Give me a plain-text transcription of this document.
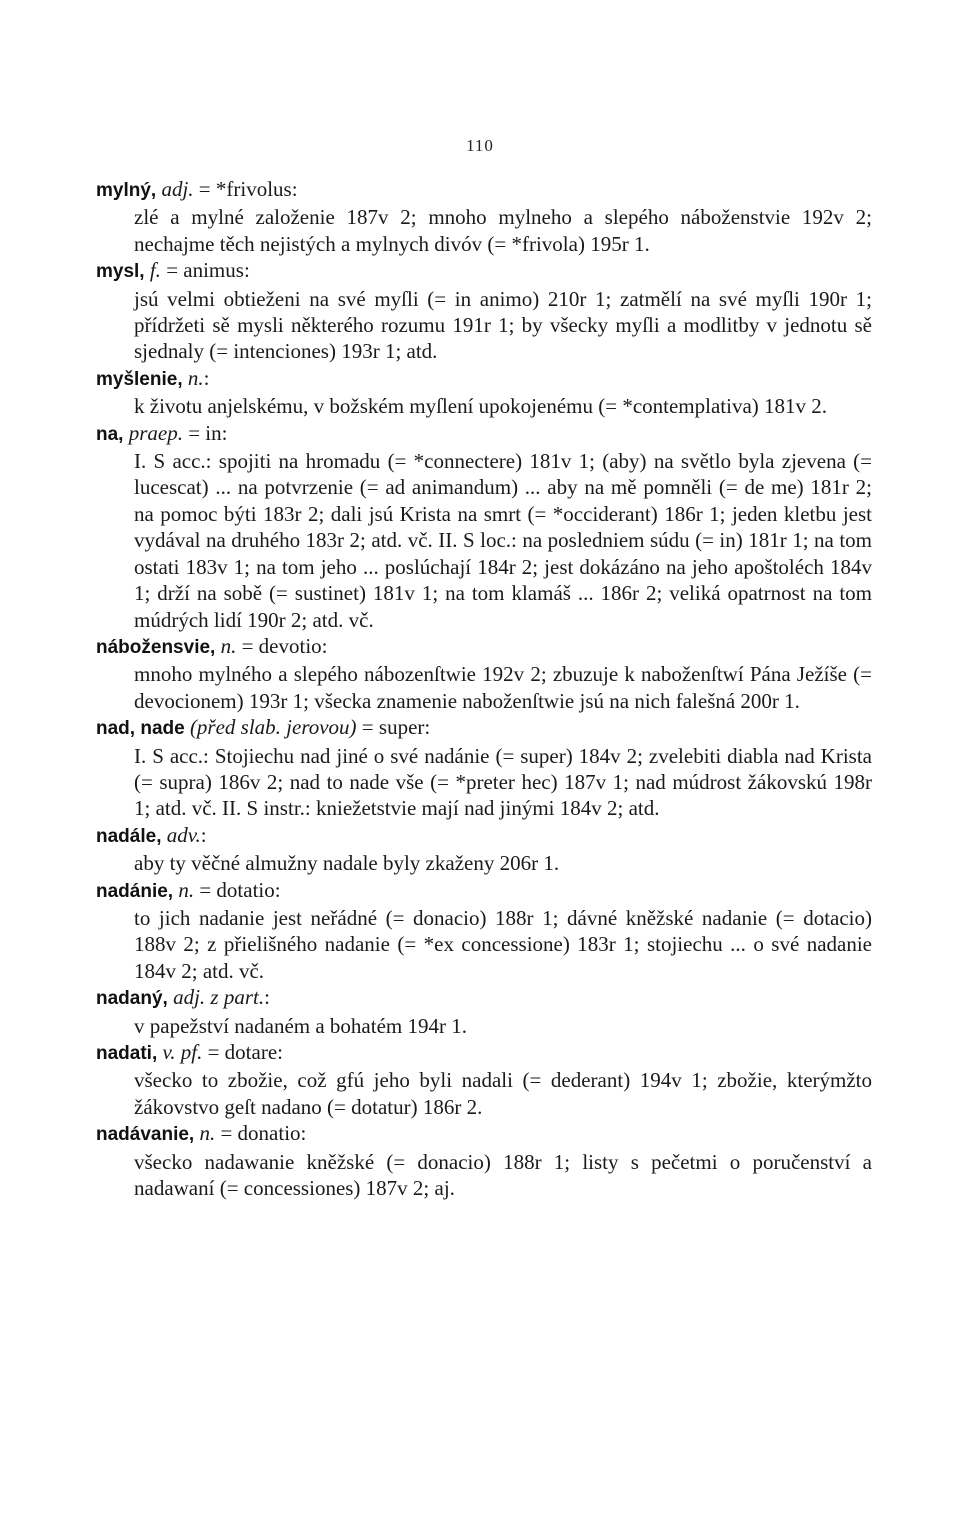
110

mylný, adj. = *frivolus:

zlé a mylné založenie 187v 2; mnoho mylneho a slepého náboženstvie 192v 2; nechajme těch nejistých a mylnych divóv (= *frivola) 195r 1.

mysl, f. = animus:

jsú velmi obtieženi na své myſli (= in animo) 210r 1; zatmělí na své myſli 190r 1; přídržeti sě mysli některého rozumu 191r 1; by všecky myſli a modlitby v jednotu sě sjednaly (= intenciones) 193r 1; atd.

myšlenie, n.:

k životu anjelskému, v božském myſlení upokojenému (= *contemplativa) 181v 2.

na, praep. = in:

I. S acc.: spojiti na hromadu (= *connectere) 181v 1; (aby) na světlo byla zjevena (= lucescat) ... na potvrzenie (= ad animandum) ... aby na mě pomněli (= de me) 181r 2; na pomoc býti 183r 2; dali jsú Krista na smrt (= *occiderant) 186r 1; jeden kletbu jest vydával na druhého 183r 2; atd. vč. II. S loc.: na posledniem súdu (= in) 181r 1; na tom ostati 183v 1; na tom jeho ... poslúchají 184r 2; jest dokázáno na jeho apoštoléch 184v 1; drží na sobě (= sustinet) 181v 1; na tom klamáš ... 186r 2; veliká opatrnost na tom múdrých lidí 190r 2; atd. vč.

nábožensvie, n. = devotio:

mnoho mylného a slepého nábozenſtwie 192v 2; zbuzuje k naboženſtwí Pána Ježíše (= devocionem) 193r 1; všecka znamenie naboženſtwie jsú na nich falešná 200r 1.

nad, nade (před slab. jerovou) = super:

I. S acc.: Stojiechu nad jiné o své nadánie (= super) 184v 2; zvelebiti diabla nad Krista (= supra) 186v 2; nad to nade vše (= *preter hec) 187v 1; nad múdrost žákovskú 198r 1; atd. vč. II. S instr.: kniežetstvie mají nad jinými 184v 2; atd.

nadále, adv.:

aby ty věčné almužny nadale byly zkaženy 206r 1.

nadánie, n. = dotatio:

to jich nadanie jest neřádné (= donacio) 188r 1; dávné kněžské nadanie (= dotacio) 188v 2; z přielišného nadanie (= *ex concessione) 183r 1; stojiechu ... o své nadanie 184v 2; atd. vč.

nadaný, adj. z part.:

v papežství nadaném a bohatém 194r 1.

nadati, v. pf. = dotare:

všecko to zbožie, což gfú jeho byli nadali (= dederant) 194v 1; zbožie, kterýmžto žákovstvo geſt nadano (= dotatur) 186r 2.

nadávanie, n. = donatio:

všecko nadawanie kněžské (= donacio) 188r 1; listy s pečetmi o poručenství a nadawaní (= concessiones) 187v 2; aj.
